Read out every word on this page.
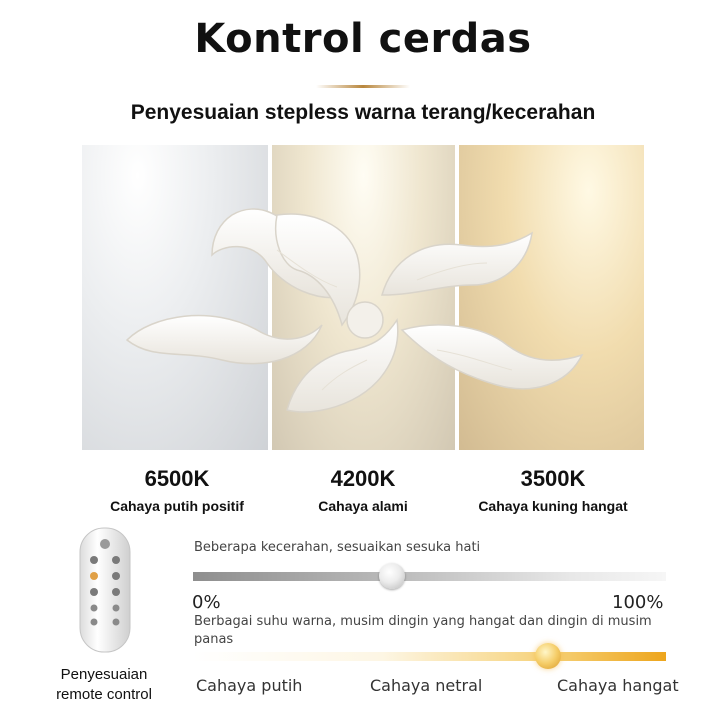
Kontrol cerdas
Penyesuaian stepless warna terang/kecerahan
6500K
Cahaya putih positif
4200K
Cahaya alami
3500K
Cahaya kuning hangat
Penyesuaian
remote control
Beberapa kecerahan, sesuaikan sesuka hati
0%	100%
Berbagai suhu warna, musim dingin yang hangat dan dingin di musim panas
Cahaya putih	Cahaya netral	Cahaya hangat
